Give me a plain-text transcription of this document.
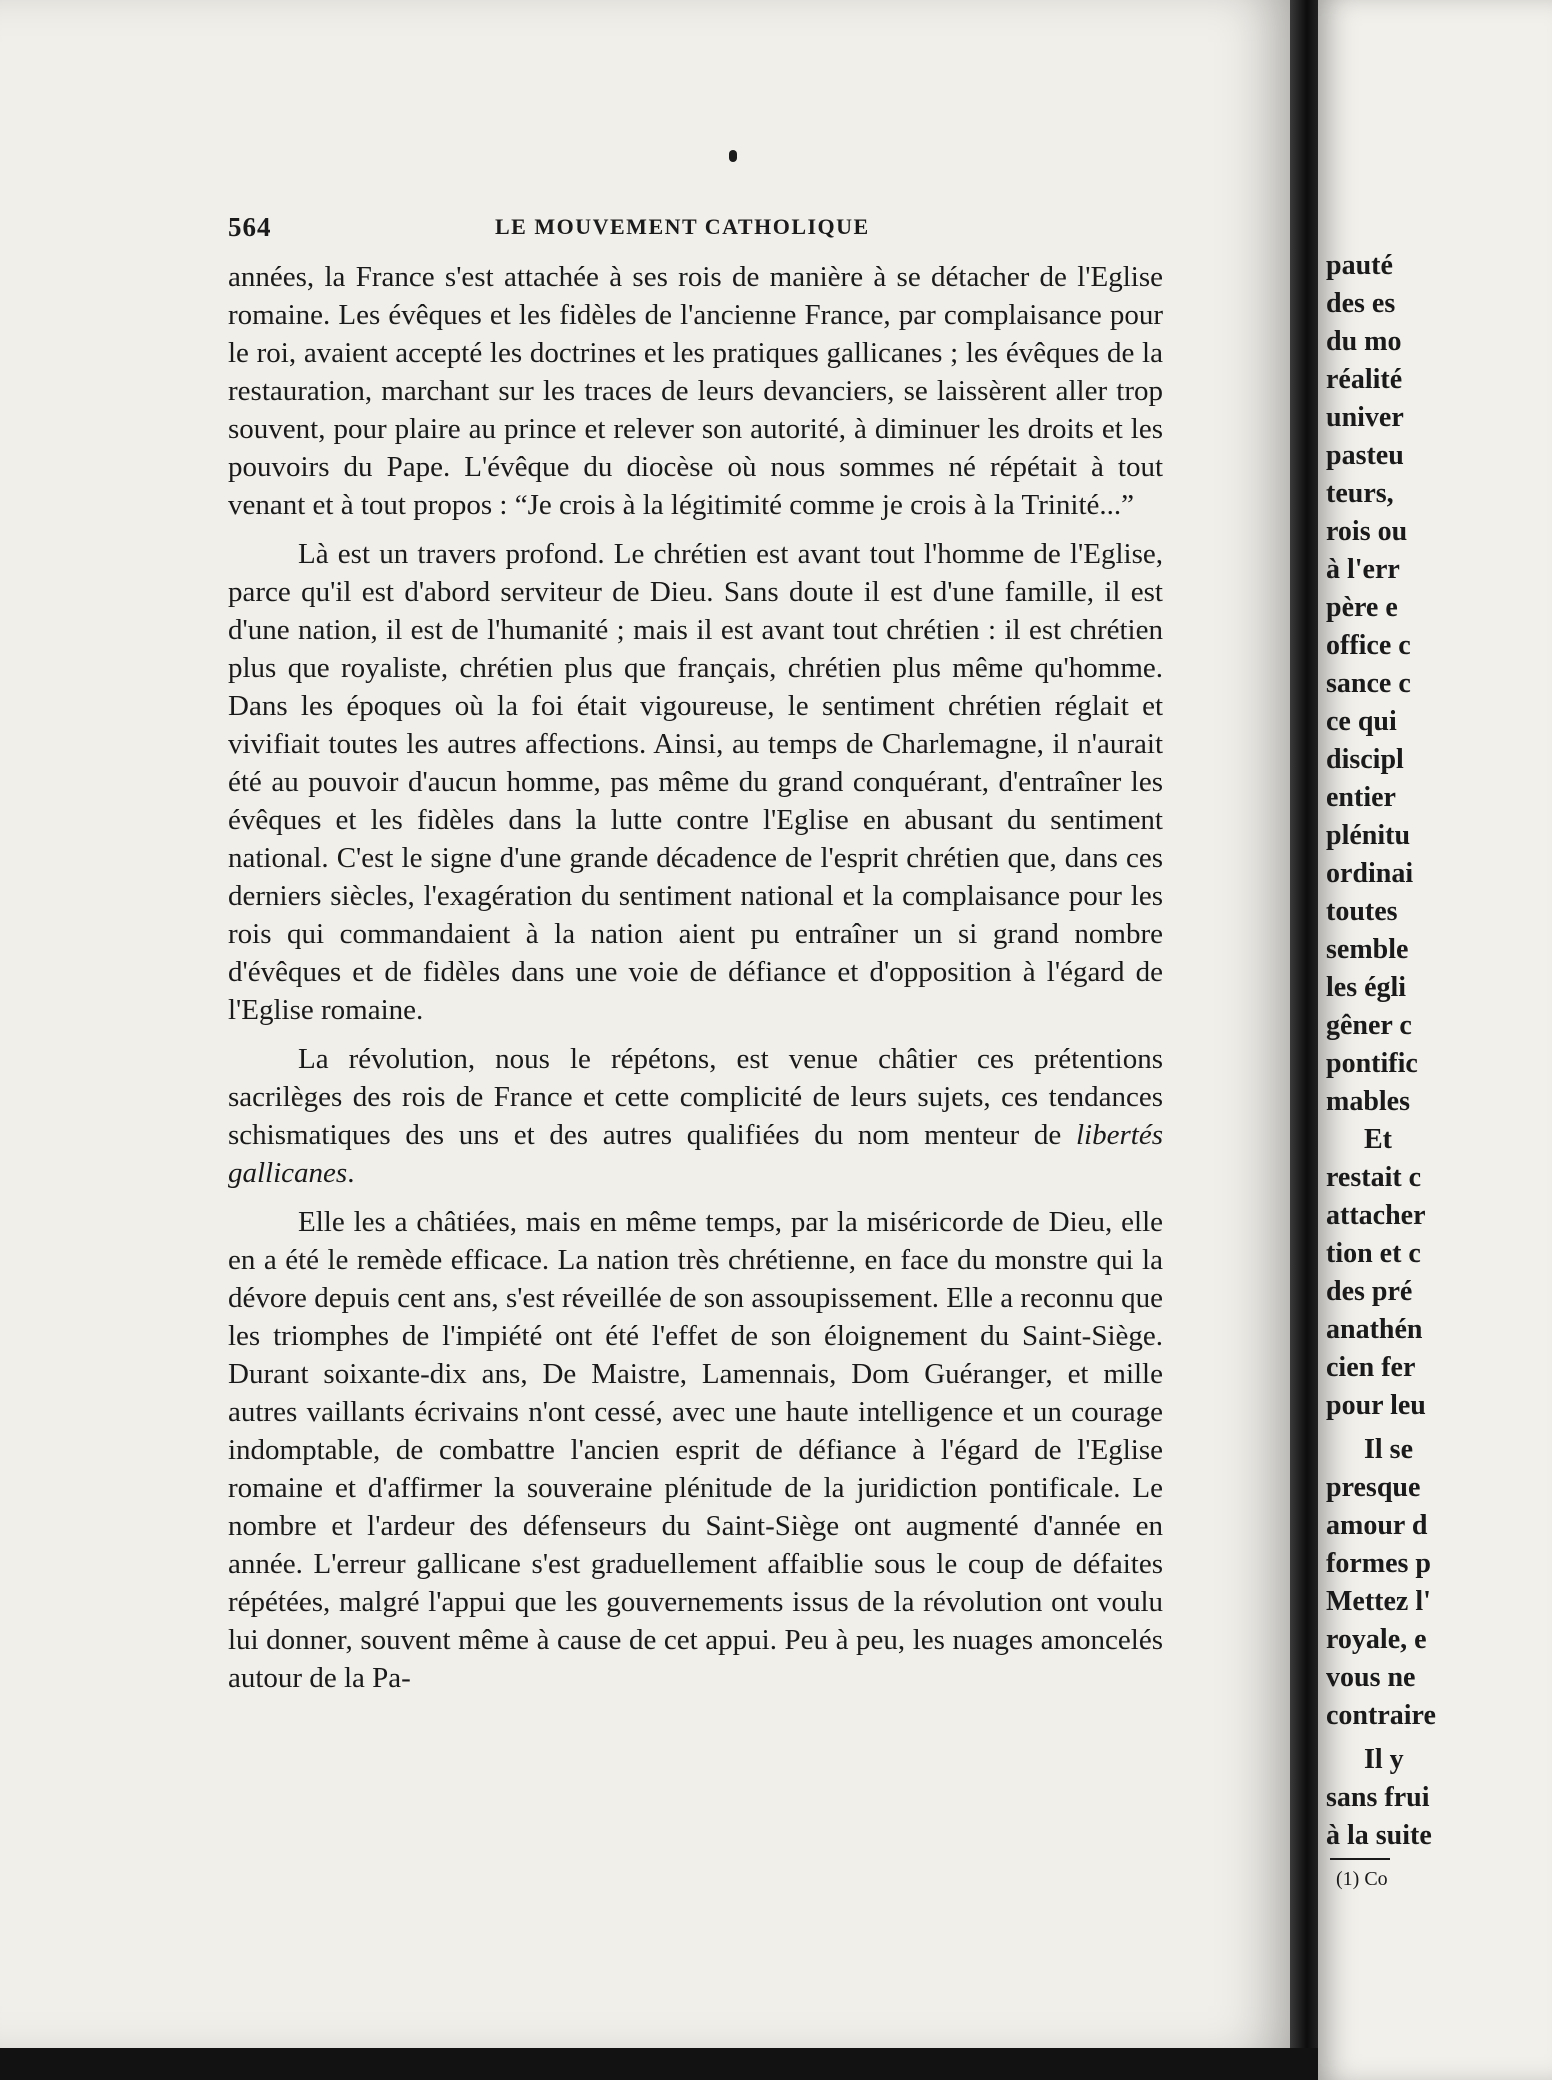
564	LE MOUVEMENT CATHOLIQUE

années, la France s'est attachée à ses rois de manière à se détacher de l'Eglise romaine. Les évêques et les fidèles de l'ancienne France, par complaisance pour le roi, avaient accepté les doctrines et les pratiques gallicanes ; les évêques de la restauration, marchant sur les traces de leurs devanciers, se laissèrent aller trop souvent, pour plaire au prince et relever son autorité, à diminuer les droits et les pouvoirs du Pape. L'évêque du diocèse où nous sommes né répétait à tout venant et à tout propos : “Je crois à la légitimité comme je crois à la Trinité...”

Là est un travers profond. Le chrétien est avant tout l'homme de l'Eglise, parce qu'il est d'abord serviteur de Dieu. Sans doute il est d'une famille, il est d'une nation, il est de l'humanité ; mais il est avant tout chrétien : il est chrétien plus que royaliste, chrétien plus que français, chrétien plus même qu'homme. Dans les époques où la foi était vigoureuse, le sentiment chrétien réglait et vivifiait toutes les autres affections. Ainsi, au temps de Charlemagne, il n'aurait été au pouvoir d'aucun homme, pas même du grand conquérant, d'entraîner les évêques et les fidèles dans la lutte contre l'Eglise en abusant du sentiment national. C'est le signe d'une grande décadence de l'esprit chrétien que, dans ces derniers siècles, l'exagération du sentiment national et la complaisance pour les rois qui commandaient à la nation aient pu entraîner un si grand nombre d'évêques et de fidèles dans une voie de défiance et d'opposition à l'égard de l'Eglise romaine.

La révolution, nous le répétons, est venue châtier ces prétentions sacrilèges des rois de France et cette complicité de leurs sujets, ces tendances schismatiques des uns et des autres qualifiées du nom menteur de libertés gallicanes.

Elle les a châtiées, mais en même temps, par la miséricorde de Dieu, elle en a été le remède efficace. La nation très chrétienne, en face du monstre qui la dévore depuis cent ans, s'est réveillée de son assoupissement. Elle a reconnu que les triomphes de l'impiété ont été l'effet de son éloignement du Saint-Siège. Durant soixante-dix ans, De Maistre, Lamennais, Dom Guéranger, et mille autres vaillants écrivains n'ont cessé, avec une haute intelligence et un courage indomptable, de combattre l'ancien esprit de défiance à l'égard de l'Eglise romaine et d'affirmer la souveraine plénitude de la juridiction pontificale. Le nombre et l'ardeur des défenseurs du Saint-Siège ont augmenté d'année en année. L'erreur gallicane s'est graduellement affaiblie sous le coup de défaites répétées, malgré l'appui que les gouvernements issus de la révolution ont voulu lui donner, souvent même à cause de cet appui. Peu à peu, les nuages amoncelés autour de la Pa-

pauté
des es
du mo
réalité
univer
pasteu
teurs,
rois ou
à l'err
père e
office c
sance c
ce qui
discipl
entier
plénitu
ordinai
toutes
semble
les égli
gêner c
pontific
mables
Et
restait c
attacher
tion et c
des pré
anathén
cien fer
pour leu
Il se
presque
amour d
formes p
Mettez l'
royale, e
vous ne
contraire
Il y
sans frui
à la suite
(1) Co
